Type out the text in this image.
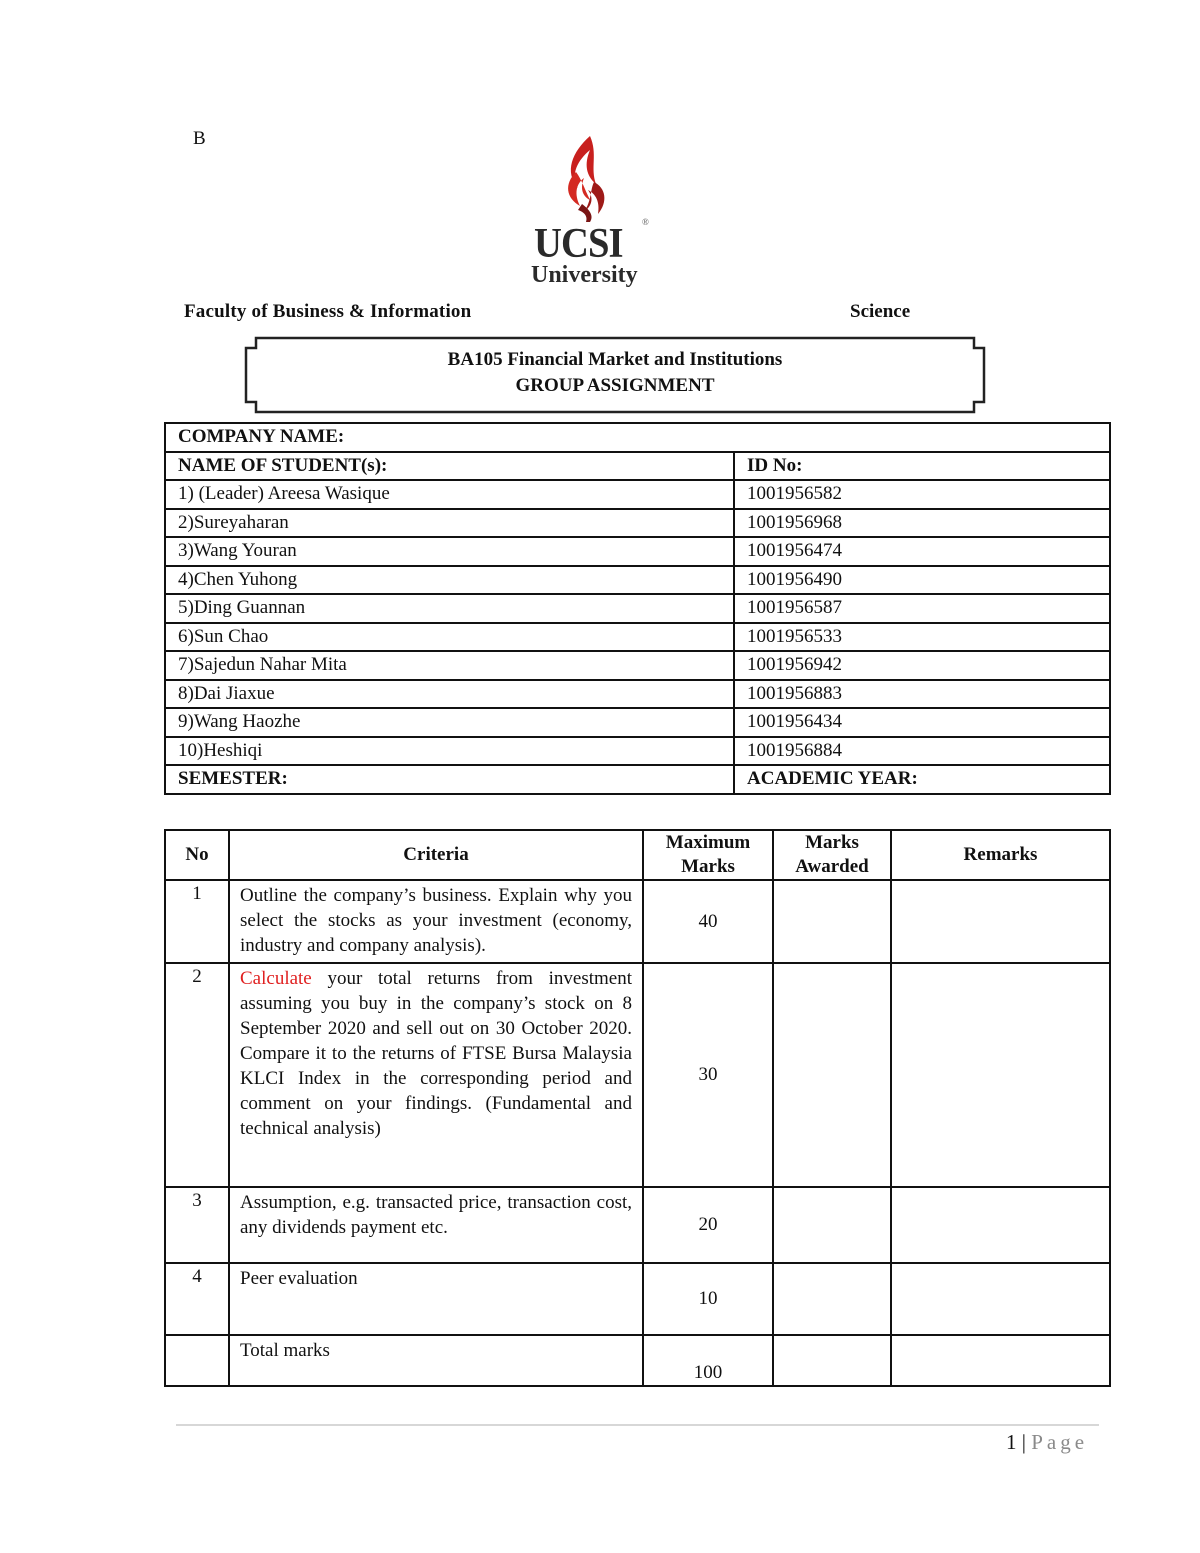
B
UCSI ®
University
Faculty of Business & Information	Science
BA105 Financial Market and Institutions
GROUP ASSIGNMENT
COMPANY NAME:	
NAME OF STUDENT(s):	ID No:
1) (Leader) Areesa Wasique	1001956582
2)Sureyaharan	1001956968
3)Wang Youran	1001956474
4)Chen Yuhong	1001956490
5)Ding Guannan	1001956587
6)Sun Chao	1001956533
7)Sajedun Nahar Mita	1001956942
8)Dai Jiaxue	1001956883
9)Wang Haozhe	1001956434
10)Heshiqi	1001956884
SEMESTER:	ACADEMIC YEAR:
No	Criteria	Maximum Marks	Marks Awarded	Remarks
1	Outline the company’s business. Explain why you select the stocks as your investment (economy, industry and company analysis).	40		
2	Calculate your total returns from investment assuming you buy in the company’s stock on 8 September 2020 and sell out on 30 October 2020. Compare it to the returns of FTSE Bursa Malaysia KLCI Index in the corresponding period and comment on your findings. (Fundamental and technical analysis)	30		
3	Assumption, e.g. transacted price, transaction cost, any dividends payment etc.	20		
4	Peer evaluation	10		
	Total marks	100		
1 | Page
